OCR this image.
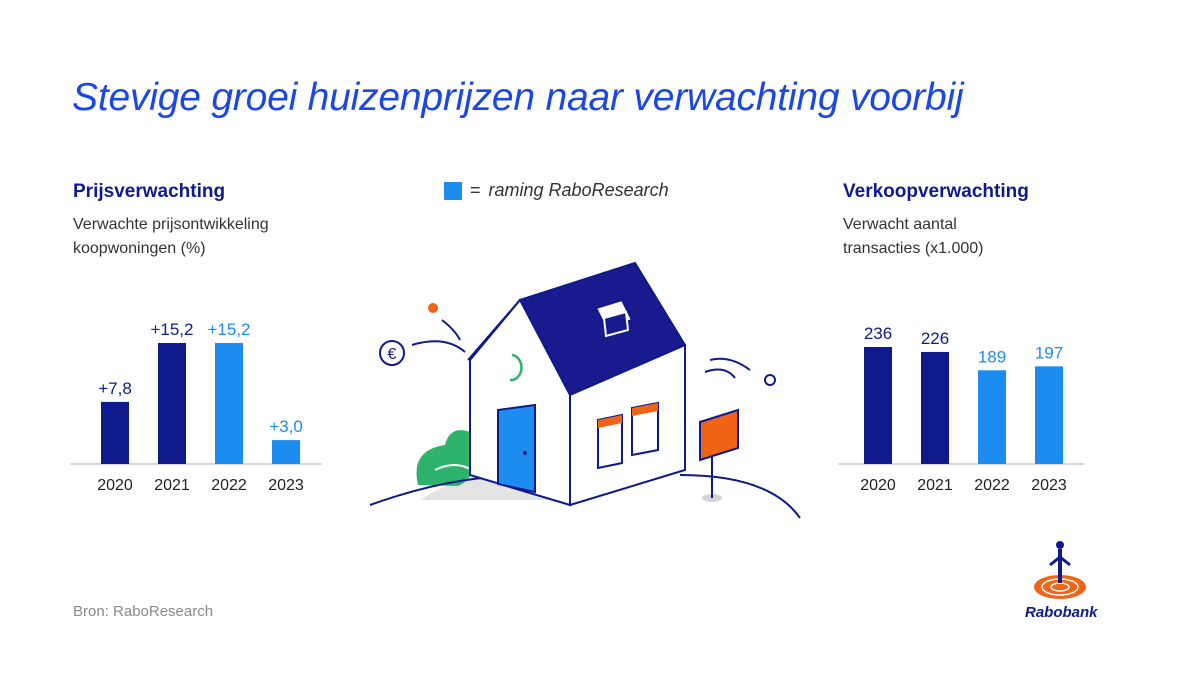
Stevige groei huizenprijzen naar verwachting voorbij
Prijsverwachting
Verwachte prijsontwikkeling
koopwoningen (%)
Verkoopverwachting
Verwacht aantal
transacties (x1.000)
= raming RaboResearch
+7,8
2020
+15,2
2021
+15,2
2022
+3,0
2023
236
2020
226
2021
189
2022
197
2023
€
Bron: RaboResearch	Rabobank
